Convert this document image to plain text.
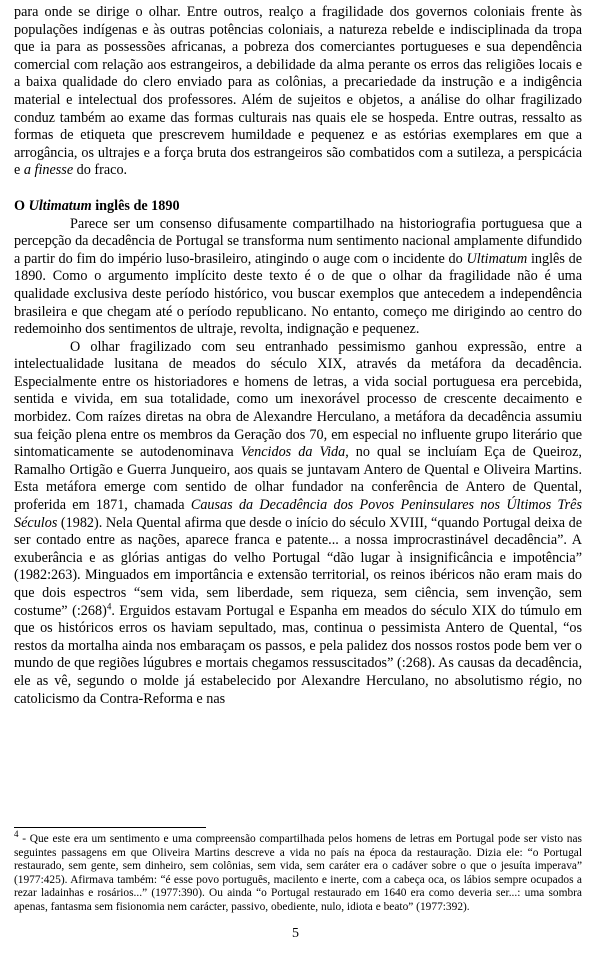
para onde se dirige o olhar. Entre outros, realço a fragilidade dos governos coloniais frente às populações indígenas e às outras potências coloniais, a natureza rebelde e indisciplinada da tropa que ia para as possessões africanas, a pobreza dos comerciantes portugueses e sua dependência comercial com relação aos estrangeiros, a debilidade da alma perante os erros das religiões locais e a baixa qualidade do clero enviado para as colônias, a precariedade da instrução e a indigência material e intelectual dos professores. Além de sujeitos e objetos, a análise do olhar fragilizado conduz também ao exame das formas culturais nas quais ele se hospeda. Entre outras, ressalto as formas de etiqueta que prescrevem humildade e pequenez e as estórias exemplares em que a arrogância, os ultrajes e a força bruta dos estrangeiros são combatidos com a sutileza, a perspicácia e a finesse do fraco.

O Ultimatum inglês de 1890

Parece ser um consenso difusamente compartilhado na historiografia portuguesa que a percepção da decadência de Portugal se transforma num sentimento nacional amplamente difundido a partir do fim do império luso-brasileiro, atingindo o auge com o incidente do Ultimatum inglês de 1890. Como o argumento implícito deste texto é o de que o olhar da fragilidade não é uma qualidade exclusiva deste período histórico, vou buscar exemplos que antecedem a independência brasileira e que chegam até o período republicano. No entanto, começo me dirigindo ao centro do redemoinho dos sentimentos de ultraje, revolta, indignação e pequenez.

O olhar fragilizado com seu entranhado pessimismo ganhou expressão, entre a intelectualidade lusitana de meados do século XIX, através da metáfora da decadência. Especialmente entre os historiadores e homens de letras, a vida social portuguesa era percebida, sentida e vivida, em sua totalidade, como um inexorável processo de crescente decaimento e morbidez. Com raízes diretas na obra de Alexandre Herculano, a metáfora da decadência assumiu sua feição plena entre os membros da Geração dos 70, em especial no influente grupo literário que sintomaticamente se autodenominava Vencidos da Vida, no qual se incluíam Eça de Queiroz, Ramalho Ortigão e Guerra Junqueiro, aos quais se juntavam Antero de Quental e Oliveira Martins. Esta metáfora emerge com sentido de olhar fundador na conferência de Antero de Quental, proferida em 1871, chamada Causas da Decadência dos Povos Peninsulares nos Últimos Três Séculos (1982). Nela Quental afirma que desde o início do século XVIII, “quando Portugal deixa de ser contado entre as nações, aparece franca e patente... a nossa improcrastinável decadência”. A exuberância e as glórias antigas do velho Portugal “dão lugar à insignificância e impotência” (1982:263). Minguados em importância e extensão territorial, os reinos ibéricos não eram mais do que dois espectros “sem vida, sem liberdade, sem riqueza, sem ciência, sem invenção, sem costume” (:268)$^4$. Erguidos estavam Portugal e Espanha em meados do século XIX do túmulo em que os históricos erros os haviam sepultado, mas, continua o pessimista Antero de Quental, “os restos da mortalha ainda nos embaraçam os passos, e pela palidez dos nossos rostos pode bem ver o mundo de que regiões lúgubres e mortais chegamos ressuscitados” (:268). As causas da decadência, ele as vê, segundo o molde já estabelecido por Alexandre Herculano, no absolutismo régio, no catolicismo da Contra-Reforma e nas

$^4$ - Que este era um sentimento e uma compreensão compartilhada pelos homens de letras em Portugal pode ser visto nas seguintes passagens em que Oliveira Martins descreve a vida no país na época da restauração. Dizia ele: “o Portugal restaurado, sem gente, sem dinheiro, sem colônias, sem vida, sem caráter era o cadáver sobre o que o jesuíta imperava” (1977:425). Afirmava também: “é esse povo português, macilento e inerte, com a cabeça oca, os lábios sempre ocupados a rezar ladainhas e rosários...” (1977:390). Ou ainda “o Portugal restaurado em 1640 era como deveria ser...: uma sombra apenas, fantasma sem fisionomia nem carácter, passivo, obediente, nulo, idiota e beato” (1977:392).

5
